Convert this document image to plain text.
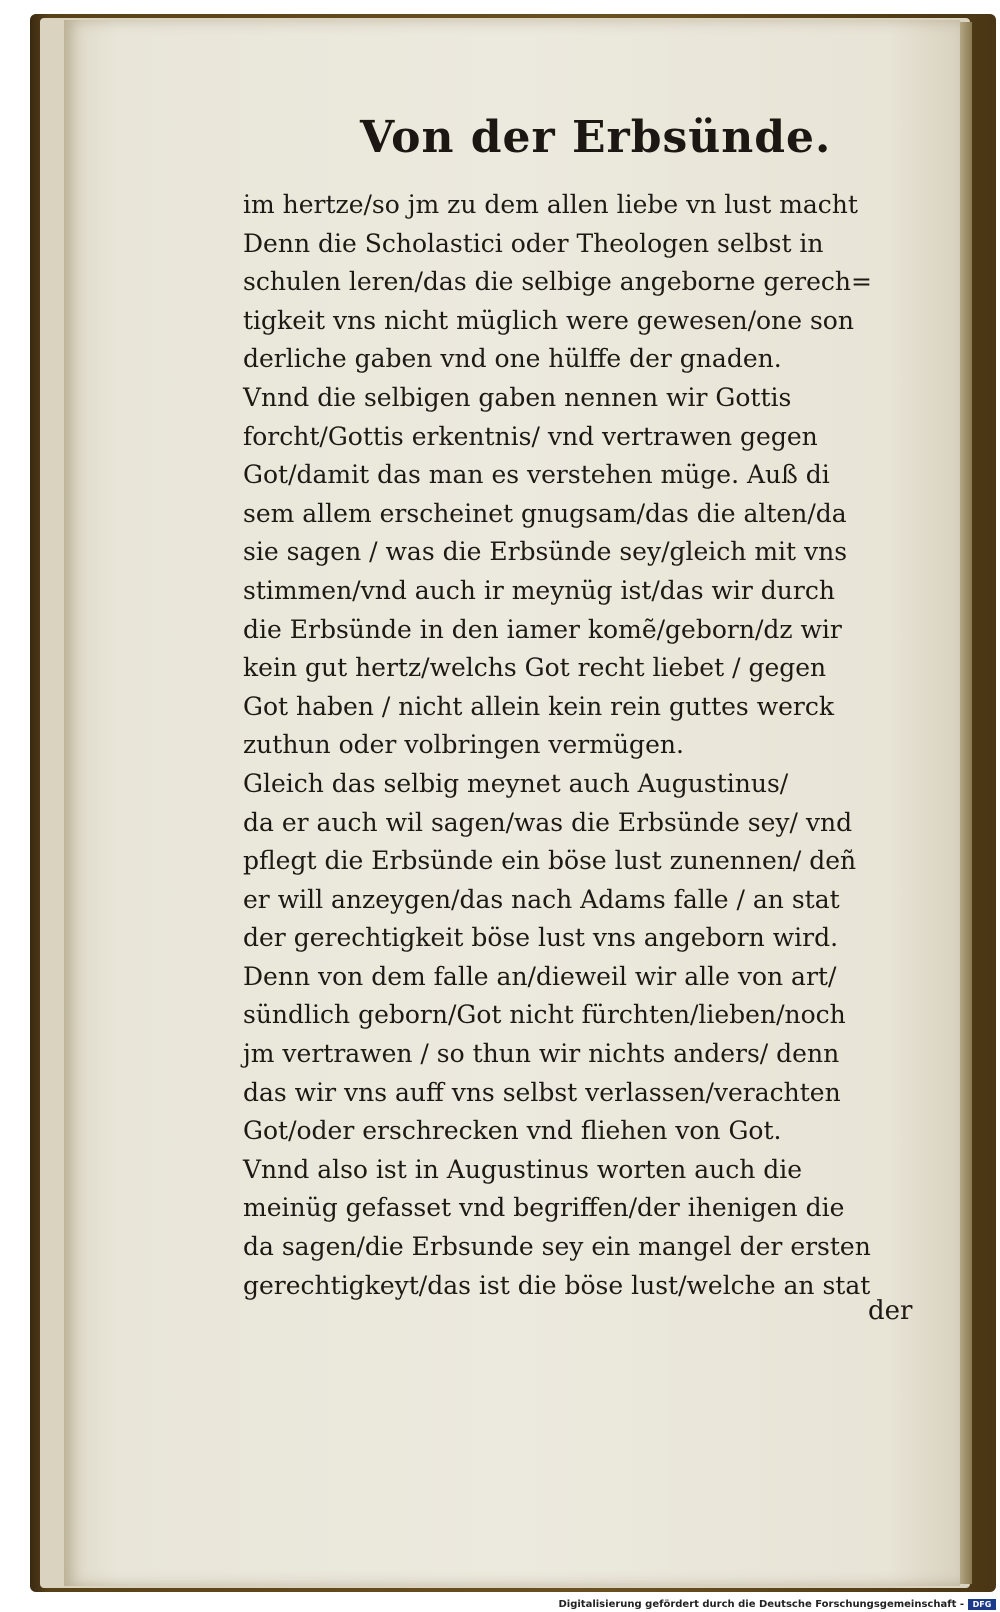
Von der Erbsünde.
im hertze/so jm zu dem allen liebe vn lust macht
Denn die Scholastici oder Theologen selbst in
schulen leren/das die selbige angeborne gerech=
tigkeit vns nicht müglich were gewesen/one son
derliche gaben vnd one hülffe der gnaden.
Vnnd die selbigen gaben nennen wir Gottis
forcht/Gottis erkentnis/ vnd vertrawen gegen
Got/damit das man es verstehen müge. Auß di
sem allem erscheinet gnugsam/das die alten/da
sie sagen / was die Erbsünde sey/gleich mit vns
stimmen/vnd auch ir meynüg ist/das wir durch
die Erbsünde in den iamer komẽ/geborn/dz wir
kein gut hertz/welchs Got recht liebet / gegen
Got haben / nicht allein kein rein guttes werck
zuthun oder volbringen vermügen.
Gleich das selbig meynet auch Augustinus/
da er auch wil sagen/was die Erbsünde sey/ vnd
pflegt die Erbsünde ein böse lust zunennen/ deñ
er will anzeygen/das nach Adams falle / an stat
der gerechtigkeit böse lust vns angeborn wird.
Denn von dem falle an/dieweil wir alle von art/
sündlich geborn/Got nicht fürchten/lieben/noch
jm vertrawen / so thun wir nichts anders/ denn
das wir vns auff vns selbst verlassen/verachten
Got/oder erschrecken vnd fliehen von Got.
Vnnd also ist in Augustinus worten auch die
meinüg gefasset vnd begriffen/der ihenigen die
da sagen/die Erbsunde sey ein mangel der ersten
gerechtigkeyt/das ist die böse lust/welche an stat
der
Digitalisierung gefördert durch die Deutsche Forschungsgemeinschaft -	DFG
